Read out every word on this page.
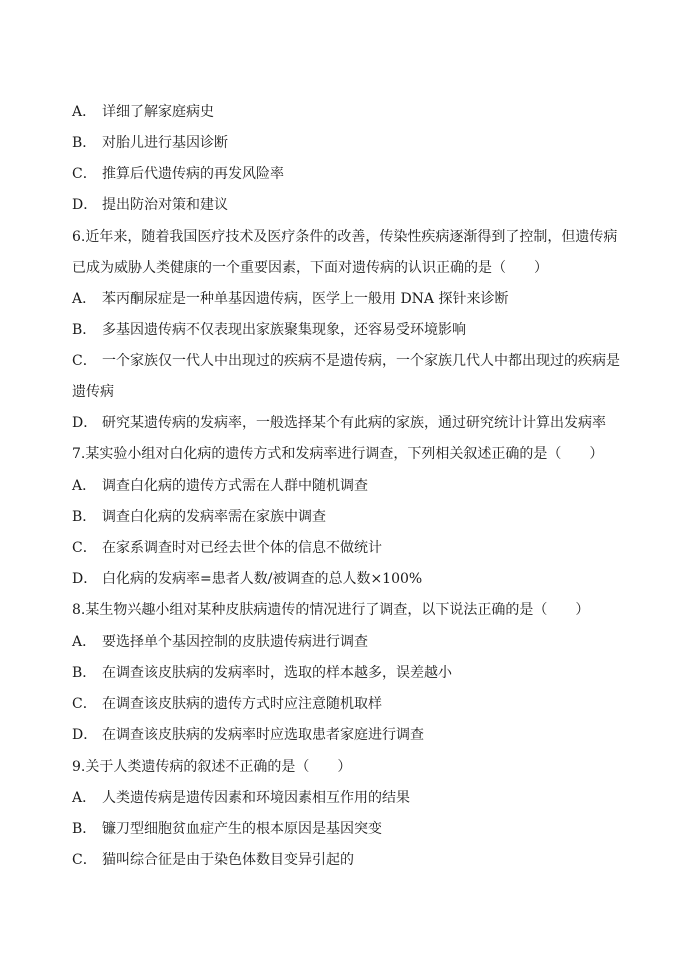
A． 详细了解家庭病史
B． 对胎儿进行基因诊断
C． 推算后代遗传病的再发风险率
D． 提出防治对策和建议
6.近年来，随着我国医疗技术及医疗条件的改善，传染性疾病逐渐得到了控制，但遗传病
已成为威胁人类健康的一个重要因素，下面对遗传病的认识正确的是（　　）
A． 苯丙酮尿症是一种单基因遗传病，医学上一般用 DNA 探针来诊断
B． 多基因遗传病不仅表现出家族聚集现象，还容易受环境影响
C． 一个家族仅一代人中出现过的疾病不是遗传病，一个家族几代人中都出现过的疾病是
遗传病
D． 研究某遗传病的发病率，一般选择某个有此病的家族，通过研究统计计算出发病率
7.某实验小组对白化病的遗传方式和发病率进行调查，下列相关叙述正确的是（　　）
A． 调查白化病的遗传方式需在人群中随机调查
B． 调查白化病的发病率需在家族中调查
C． 在家系调查时对已经去世个体的信息不做统计
D． 白化病的发病率=患者人数/被调查的总人数×100%
8.某生物兴趣小组对某种皮肤病遗传的情况进行了调查，以下说法正确的是（　　）
A． 要选择单个基因控制的皮肤遗传病进行调查
B． 在调查该皮肤病的发病率时，选取的样本越多，误差越小
C． 在调查该皮肤病的遗传方式时应注意随机取样
D． 在调查该皮肤病的发病率时应选取患者家庭进行调查
9.关于人类遗传病的叙述不正确的是（　　）
A． 人类遗传病是遗传因素和环境因素相互作用的结果
B． 镰刀型细胞贫血症产生的根本原因是基因突变
C． 猫叫综合征是由于染色体数目变异引起的
